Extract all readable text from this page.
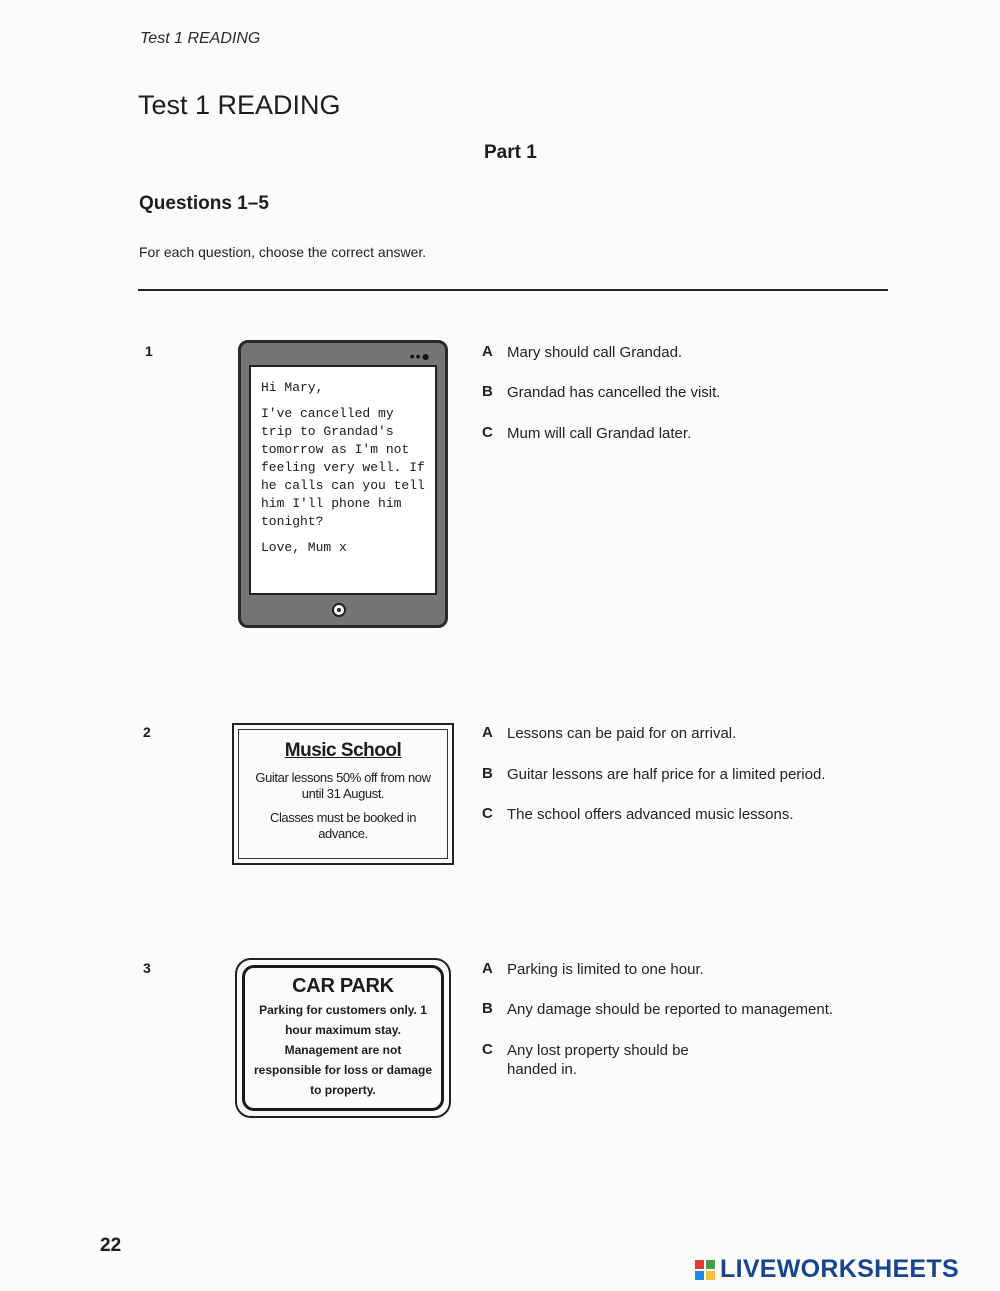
Test 1 READING
Test 1 READING
Part 1
Questions 1–5
For each question, choose the correct answer.
1	••●

Hi Mary,

I've cancelled my trip to Grandad's tomorrow as I'm not feeling very well. If he calls can you tell him I'll phone him tonight?

Love, Mum x

A Mary should call Grandad.
B Grandad has cancelled the visit.
C Mum will call Grandad later.
2
Music School
Guitar lessons 50% off from now until 31 August.
Classes must be booked in advance.
A Lessons can be paid for on arrival.
B Guitar lessons are half price for a limited period.
C The school offers advanced music lessons.
3
CAR PARK
Parking for customers only. 1 hour maximum stay. Management are not responsible for loss or damage to property.
A Parking is limited to one hour.
B Any damage should be reported to management.
C Any lost property should be handed in.
22
LIVEWORKSHEETS
